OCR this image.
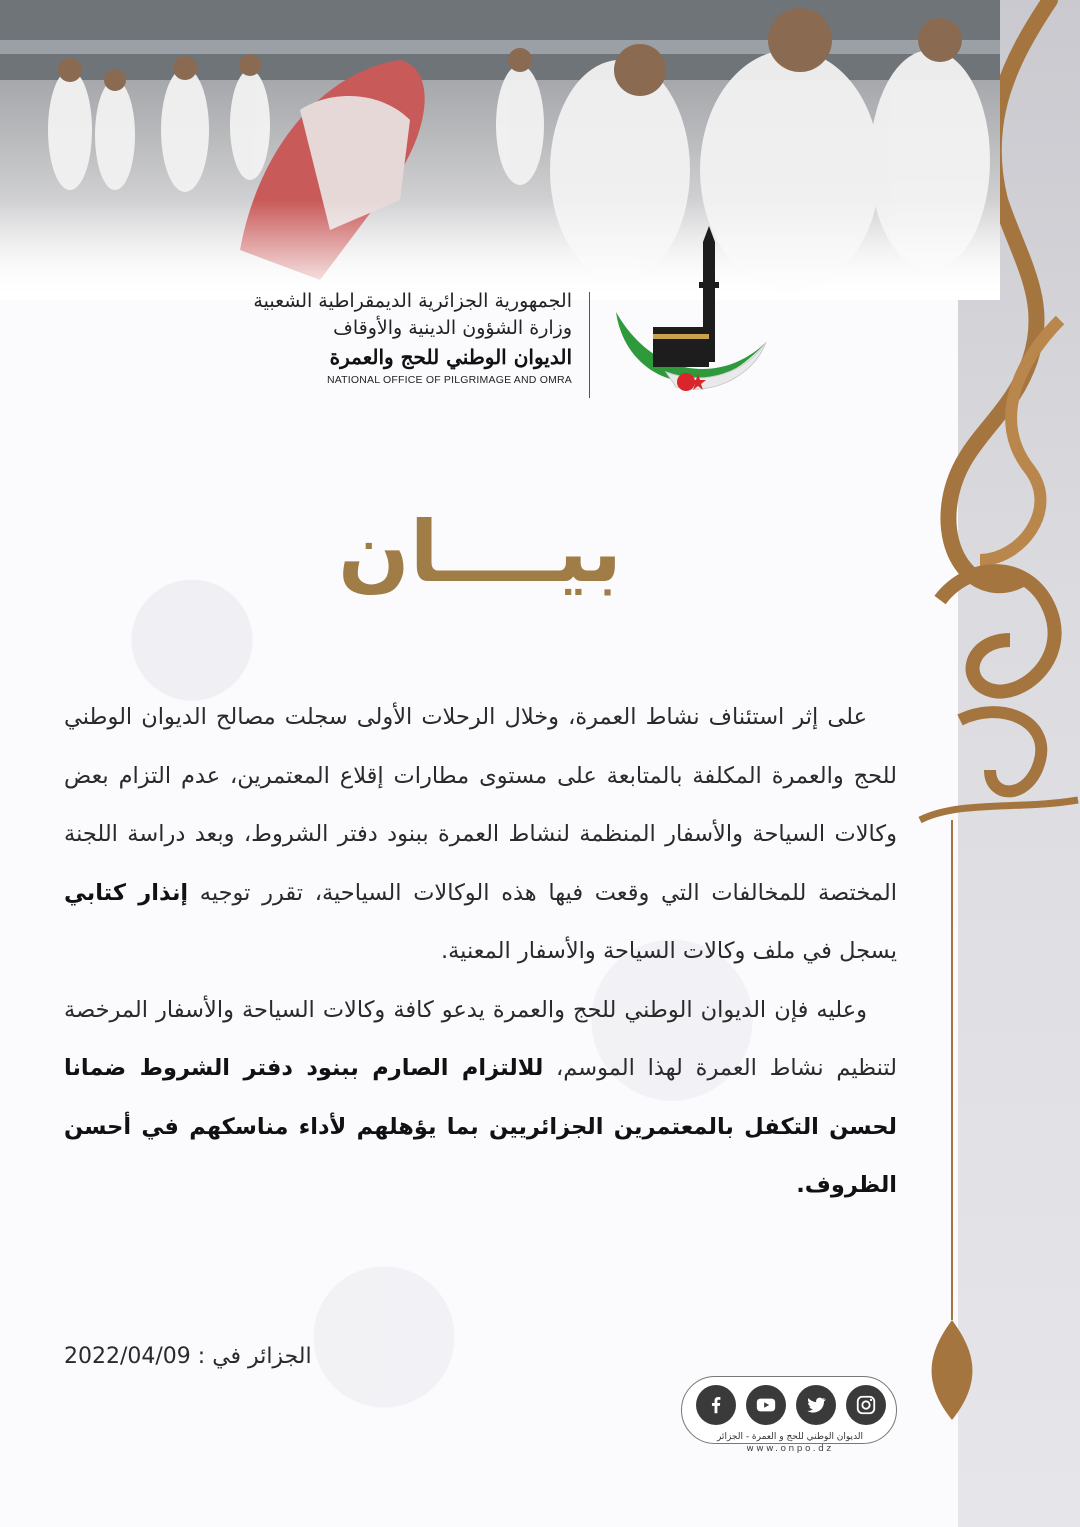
الجمهورية الجزائرية الديمقراطية الشعبية
وزارة الشؤون الدينية والأوقاف
الديوان الوطني للحج والعمرة
NATIONAL OFFICE OF PILGRIMAGE AND OMRA
بيــــان

على إثر استئناف نشاط العمرة، وخلال الرحلات الأولى سجلت مصالح الديوان الوطني للحج والعمرة المكلفة بالمتابعة على مستوى مطارات إقلاع المعتمرين، عدم التزام بعض وكالات السياحة والأسفار المنظمة لنشاط العمرة ببنود دفتر الشروط، وبعد دراسة اللجنة المختصة للمخالفات التي وقعت فيها هذه الوكالات السياحية، تقرر توجيه إنذار كتابي يسجل في ملف وكالات السياحة والأسفار المعنية.

وعليه فإن الديوان الوطني للحج والعمرة يدعو كافة وكالات السياحة والأسفار المرخصة لتنظيم نشاط العمرة لهذا الموسم، للالتزام الصارم ببنود دفتر الشروط ضمانا لحسن التكفل بالمعتمرين الجزائريين بما يؤهلهم لأداء مناسكهم في أحسن الظروف.

الجزائر في : 2022/04/09
الديوان الوطني للحج و العمرة - الجزائر
www.onpo.dz
